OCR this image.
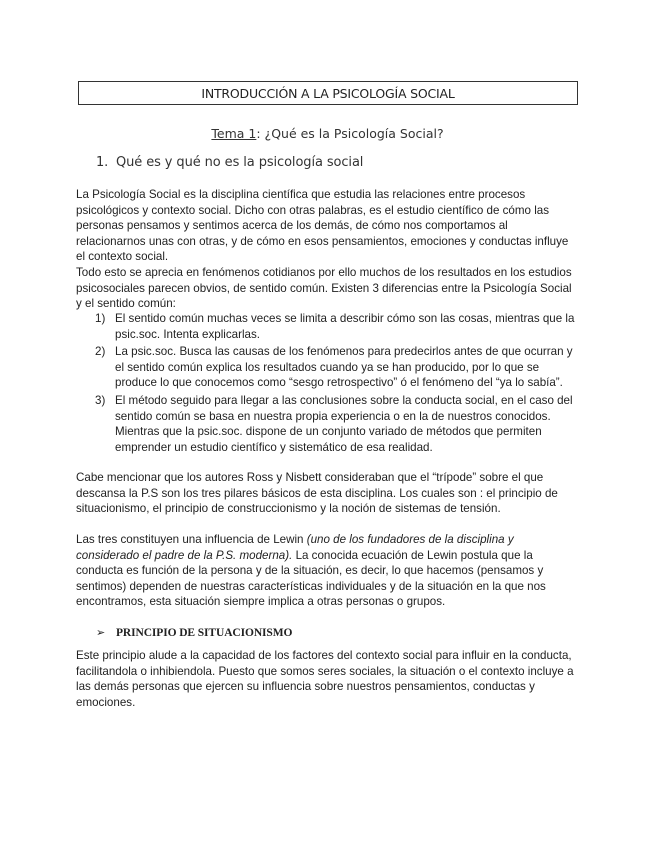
INTRODUCCIÓN A LA PSICOLOGÍA SOCIAL
Tema 1: ¿Qué es la Psicología Social?
1. Qué es y qué no es la psicología social
La Psicología Social es la disciplina científica que estudia las relaciones entre procesos psicológicos y contexto social. Dicho con otras palabras, es el estudio científico de cómo las personas pensamos y sentimos acerca de los demás, de cómo nos comportamos al relacionarnos unas con otras, y de cómo en esos pensamientos, emociones y conductas influye el contexto social.
Todo esto se aprecia en fenómenos cotidianos por ello muchos de los resultados en los estudios psicosociales parecen obvios, de sentido común. Existen 3 diferencias entre la Psicología Social y el sentido común:
1) El sentido común muchas veces se limita a describir cómo son las cosas, mientras que la psic.soc. Intenta explicarlas.
2) La psic.soc. Busca las causas de los fenómenos para predecirlos antes de que ocurran y el sentido común explica los resultados cuando ya se han producido, por lo que se produce lo que conocemos como “sesgo retrospectivo” ó el fenómeno del “ya lo sabía”.
3) El método seguido para llegar a las conclusiones sobre la conducta social, en el caso del sentido común se basa en nuestra propia experiencia o en la de nuestros conocidos. Mientras que la psic.soc. dispone de un conjunto variado de métodos que permiten emprender un estudio científico y sistemático de esa realidad.
Cabe mencionar que los autores Ross y Nisbett consideraban que el “trípode” sobre el que descansa la P.S son los tres pilares básicos de esta disciplina. Los cuales son : el principio de situacionismo, el principio de construccionismo y la noción de sistemas de tensión.
Las tres constituyen una influencia de Lewin (uno de los fundadores de la disciplina y considerado el padre de la P.S. moderna). La conocida ecuación de Lewin postula que la conducta es función de la persona y de la situación, es decir, lo que hacemos (pensamos y sentimos) dependen de nuestras características individuales y de la situación en la que nos encontramos, esta situación siempre implica a otras personas o grupos.
➢ PRINCIPIO DE SITUACIONISMO
Este principio alude a la capacidad de los factores del contexto social para influir en la conducta, facilitandola o inhibiendola. Puesto que somos seres sociales, la situación o el contexto incluye a las demás personas que ejercen su influencia sobre nuestros pensamientos, conductas y emociones.
